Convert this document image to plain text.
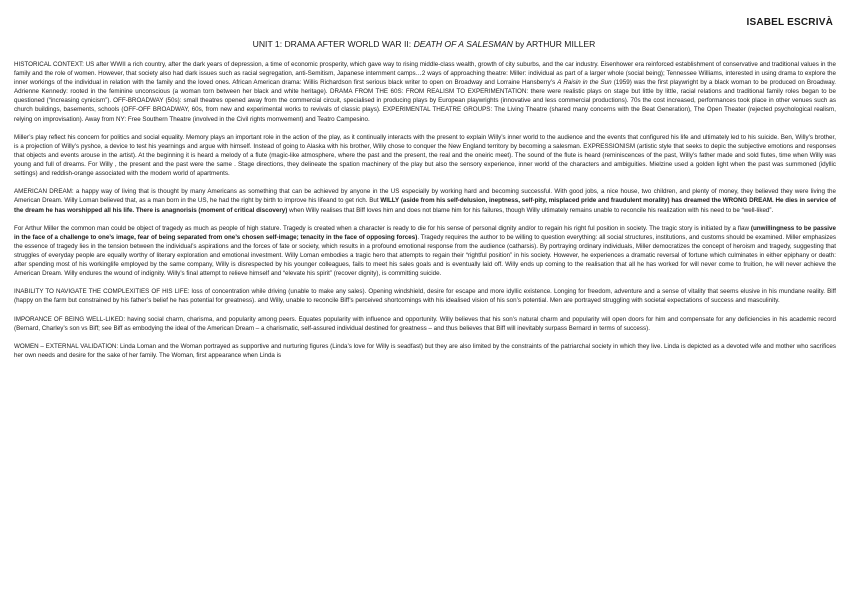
ISABEL ESCRIVÀ
UNIT 1: DRAMA AFTER WORLD WAR II: DEATH OF A SALESMAN by ARTHUR MILLER

HISTORICAL CONTEXT: US after WWII a rich country, after the dark years of depression, a time of economic prosperity, which gave way to rising middle-class wealth, growth of city suburbs, and the car industry. Eisenhower era reinforced establishment of conservative and traditional values in the family and the role of women. However, that society also had dark issues such as racial segregation, anti-Semitism, Japanese internment camps…2 ways of approaching theatre: Miller: individual as part of a larger whole (social being); Tennessee Williams, interested in using drama to explore the inner workings of the individual in relation with the family and the loved ones. African American drama: Willis Richardson first serious black writer to open on Broadway and Lorraine Hansberry’s A Raisin in the Sun (1959) was the first playwright by a black woman to be produced on Broadway. Adrienne Kennedy: rooted in the feminine unconscious (a woman torn between her black and white heritage). DRAMA FROM THE 60S: FROM REALISM TO EXPERIMENTATION: there were realistic plays on stage but little by little, racial relations and traditional family roles began to be questioned (“increasing cynicism”). OFF-BROADWAY (50s): small theatres opened away from the commercial circuit, specialised in producing plays by European playwrights (innovative and less commercial productions). 70s the cost increased, performances took place in other venues such as church buildings, basements, schools (OFF-OFF BROADWAY, 60s, from new and experimental works to revivals of classic plays). EXPERIMENTAL THEATRE GROUPS: The Living Theatre (shared many concerns with the Beat Generation), The Open Theater (rejected psychological realism, relying on improvisation). Away from NY: Free Southern Theatre (involved in the Civil rights momvement) and Teatro Campesino.

Miller’s play reflect his concern for politics and social equality. Memory plays an important role in the action of the play, as it continually interacts with the present to explain Willy’s inner world to the audience and the events that configured his life and ultimately led to his suicide. Ben, Willy’s brother, is a projection of Willy’s pyshce, a device to test his yearnings and argue with himself. Instead of going to Alaska with his brother, Willy chose to conquer the New England territory by becoming a salesman. EXPRESSIONISM (artistic style that seeks to depic the subjective emotions and responses that objects and events arouse in the artist). At the beginning it is heard a melody of a flute (magic-like atmosphere, where the past and the present, the real and the oneiric meet). The sound of the flute is heard (reminiscences of the past, Willy’s father made and sold flutes, time when Willy was young and full of dreams. For Willy , the present and the past were the same . Stage directions, they delineate the spation machinery of the play but also the sensory experience, inner world of the characters and ambiguities. Mielzine used a golden light when the past was summoned (idyllic settings) and reddish-orange associated with the modern world of apartments.

AMERICAN DREAM: a happy way of living that is thought by many Americans as something that can be achieved by anyone in the US especially by working hard and becoming successful. With good jobs, a nice house, two children, and plenty of money, they believed they were living the American Dream. Willy Loman believed that, as a man born in the US, he had the right by birth to improve his lifeand to get rich. But WILLY (aside from his self-delusion, ineptness, self-pity, misplaced pride and fraudulent morality) has dreamed the WRONG DREAM. He dies in service of the dream he has worshipped all his life. There is anagnorisis (moment of critical discovery) when Willy realises that Biff loves him and does not blame him for his failures, though Willy ultimately remains unable to reconcile his realization with his need to be “well-liked”.

For Arthur Miller the common man could be object of tragedy as much as people of high stature. Tragedy is created when a character is ready to die for his sense of personal dignity and/or to regain his right ful position in society. The tragic story is initiated by a flaw (unwillingness to be passive in the face of a challenge to one’s image, fear of being separated from one’s chosen self-image; tenacity in the face of opposing forces). Tragedy requires the author to be willing to question everything: all social structures, institutions, and customs should be examined. Miller emphasizes the essence of tragedy lies in the tension between the individual’s aspirations and the forces of fate or society, which results in a profound emotional response from the audience (catharsis). By portraying ordinary individuals, Miller democratizes the concept of heroism and tragedy, suggesting that struggles of everyday people are equally worthy of literary exploration and emotional investment. Willy Loman embodies a tragic hero that attempts to regain their “rightful position” in his society. However, he experiences a dramatic reversal of fortune which culminates in either epiphany or death: after spending most of his workinglife employed by the same company, Willy is disrespected by his younger colleagues, fails to meet his sales goals and is eventually laid off. Willy ends up coming to the realisation that all he has worked for will never come to fruition, he will never achieve the American Dream. Willy endures the wound of indignity. Willy’s final attempt to relieve himself and “elevate his spirit” (recover dignity), is committing suicide.

INABILITY TO NAVIGATE THE COMPLEXITIES OF HIS LIFE: loss of concentration while driving (unable to make any sales). Opening windshield, desire for escape and more idyllic existence. Longing for freedom, adventure and a sense of vitality that seems elusive in his mundane reality. Biff (happy on the farm but constrained by his father’s belief he has potential for greatness). and Willy, unable to reconcile Biff’s perceived shortcomings with his idealised vision of his son’s potential. Men are portrayed struggling with societal expectations of success and masculinity.

IMPORANCE OF BEING WELL-LIKED: having social charm, charisma, and popularity among peers. Equates popularity with influence and opportunity. Willy believes that his son’s natural charm and popularity will open doors for him and compensate for any deficiencies in his academic record (Bernard, Charley’s son vs Biff; see Biff as embodying the ideal of the American Dream – a charismatic, self-assured individual destined for greatness – and thus believes that Biff will inevitably surpass Bernard in terms of success).

WOMEN – EXTERNAL VALIDATION: Linda Loman and the Woman portrayed as supportive and nurturing figures (Linda’s love for Willy is seadfast) but they are also limited by the constraints of the patriarchal society in which they live. Linda is depicted as a devoted wife and mother who sacrifices her own needs and desire for the sake of her family. The Woman, first appearance when Linda is
